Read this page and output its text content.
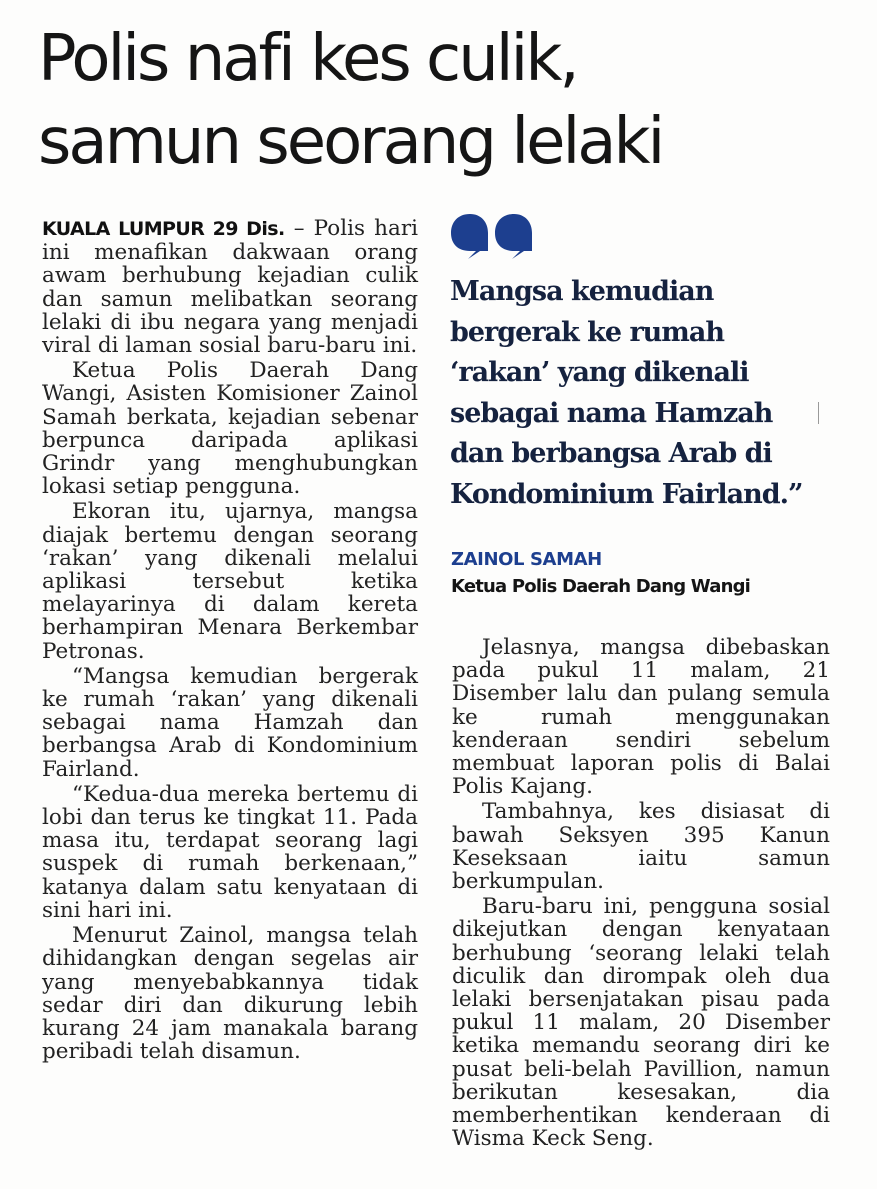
Polis nafi kes culik,
samun seorang lelaki

KUALA LUMPUR 29 Dis. – Polis hari ini menafikan dakwaan orang awam berhubung kejadian culik dan samun melibatkan seorang lelaki di ibu negara yang menjadi viral di laman sosial baru-baru ini.

Ketua Polis Daerah Dang Wangi, Asisten Komisioner Zainol Samah berkata, kejadian sebenar berpunca daripada aplikasi Grindr yang menghubungkan lokasi setiap pengguna.

Ekoran itu, ujarnya, mangsa diajak bertemu dengan seorang ‘rakan’ yang dikenali melalui aplikasi tersebut ketika melayarinya di dalam kereta berhampiran Menara Berkembar Petronas.

“Mangsa kemudian bergerak ke rumah ‘rakan’ yang dikenali sebagai nama Hamzah dan berbangsa Arab di Kondominium Fairland.

“Kedua-dua mereka bertemu di lobi dan terus ke tingkat 11. Pada masa itu, terdapat seorang lagi suspek di rumah berkenaan,” katanya dalam satu kenyataan di sini hari ini.

Menurut Zainol, mangsa telah dihidangkan dengan segelas air yang menyebabkannya tidak sedar diri dan dikurung lebih kurang 24 jam manakala barang peribadi telah disamun.

Mangsa kemudian
bergerak ke rumah
‘rakan’ yang dikenali
sebagai nama Hamzah
dan berbangsa Arab di
Kondominium Fairland.”
ZAINOL SAMAH
Ketua Polis Daerah Dang Wangi

Jelasnya, mangsa dibebaskan pada pukul 11 malam, 21 Disember lalu dan pulang semula ke rumah menggunakan kenderaan sendiri sebelum membuat laporan polis di Balai Polis Kajang.

Tambahnya, kes disiasat di bawah Seksyen 395 Kanun Keseksaan iaitu samun berkumpulan.

Baru-baru ini, pengguna sosial dikejutkan dengan kenyataan berhubung ‘seorang lelaki telah diculik dan dirompak oleh dua lelaki bersenjatakan pisau pada pukul 11 malam, 20 Disember ketika memandu seorang diri ke pusat beli-belah Pavillion, namun berikutan kesesakan, dia memberhentikan kenderaan di Wisma Keck Seng.
